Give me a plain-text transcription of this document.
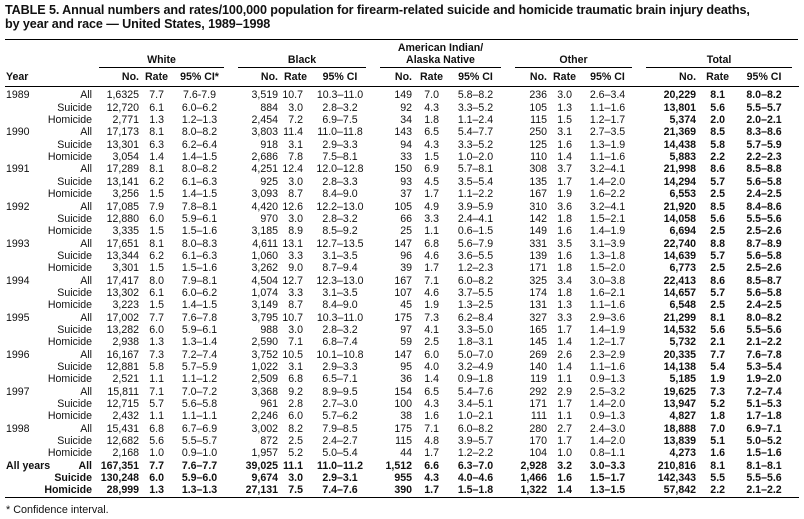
TABLE 5. Annual numbers and rates/100,000 population for firearm-related suicide and homicide traumatic brain injury deaths,
by year and race — United States, 1989–1998

		White			Black			American Indian/
Alaska Native			Other			Total		

Year		No.	Rate	95% CI*	No.	Rate	95% CI	No.	Rate	95% CI	No.	Rate	95% CI	No.	Rate	95% CI
1989	All	1,6325	7.7	7.6-7.9	3,519	10.7	10.3–11.0	149	7.0	5.8–8.2	236	3.0	2.6–3.4	20,229	8.1	8.0–8.2
	Suicide	12,720	6.1	6.0–6.2	884	3.0	2.8–3.2	92	4.3	3.3–5.2	105	1.3	1.1–1.6	13,801	5.6	5.5–5.7
	Homicide	2,771	1.3	1.2–1.3	2,454	7.2	6.9–7.5	34	1.8	1.1–2.4	115	1.5	1.2–1.7	5,374	2.0	2.0–2.1
1990	All	17,173	8.1	8.0–8.2	3,803	11.4	11.0–11.8	143	6.5	5.4–7.7	250	3.1	2.7–3.5	21,369	8.5	8.3–8.6
	Suicide	13,301	6.3	6.2–6.4	918	3.1	2.9–3.3	94	4.3	3.3–5.2	125	1.6	1.3–1.9	14,438	5.8	5.7–5.9
	Homicide	3,054	1.4	1.4–1.5	2,686	7.8	7.5–8.1	33	1.5	1.0–2.0	110	1.4	1.1–1.6	5,883	2.2	2.2–2.3
1991	All	17,289	8.1	8.0–8.2	4,251	12.4	12.0–12.8	150	6.9	5.7–8.1	308	3.7	3.2–4.1	21,998	8.6	8.5–8.8
	Suicide	13,141	6.2	6.1–6.3	925	3.0	2.8–3.3	93	4.5	3.5–5.4	135	1.7	1.4–2.0	14,294	5.7	5.6–5.8
	Homicide	3,256	1.5	1.4–1.5	3,093	8.7	8.4–9.0	37	1.7	1.1–2.2	167	1.9	1.6–2.2	6,553	2.5	2.4–2.5
1992	All	17,085	7.9	7.8–8.1	4,420	12.6	12.2–13.0	105	4.9	3.9–5.9	310	3.6	3.2–4.1	21,920	8.5	8.4–8.6
	Suicide	12,880	6.0	5.9–6.1	970	3.0	2.8–3.2	66	3.3	2.4–4.1	142	1.8	1.5–2.1	14,058	5.6	5.5–5.6
	Homicide	3,335	1.5	1.5–1.6	3,185	8.9	8.5–9.2	25	1.1	0.6–1.5	149	1.6	1.4–1.9	6,694	2.5	2.5–2.6
1993	All	17,651	8.1	8.0–8.3	4,611	13.1	12.7–13.5	147	6.8	5.6–7.9	331	3.5	3.1–3.9	22,740	8.8	8.7–8.9
	Suicide	13,344	6.2	6.1–6.3	1,060	3.3	3.1–3.5	96	4.6	3.6–5.5	139	1.6	1.3–1.8	14,639	5.7	5.6–5.8
	Homicide	3,301	1.5	1.5–1.6	3,262	9.0	8.7–9.4	39	1.7	1.2–2.3	171	1.8	1.5–2.0	6,773	2.5	2.5–2.6
1994	All	17,417	8.0	7.9–8.1	4,504	12.7	12.3–13.0	167	7.1	6.0–8.2	325	3.4	3.0–3.8	22,413	8.6	8.5–8.7
	Suicide	13,302	6.1	6.0–6.2	1,074	3.3	3.1–3.5	107	4.6	3.7–5.5	174	1.8	1.6–2.1	14,657	5.7	5.6–5.8
	Homicide	3,223	1.5	1.4–1.5	3,149	8.7	8.4–9.0	45	1.9	1.3–2.5	131	1.3	1.1–1.6	6,548	2.5	2.4–2.5
1995	All	17,002	7.7	7.6–7.8	3,795	10.7	10.3–11.0	175	7.3	6.2–8.4	327	3.3	2.9–3.6	21,299	8.1	8.0–8.2
	Suicide	13,282	6.0	5.9–6.1	988	3.0	2.8–3.2	97	4.1	3.3–5.0	165	1.7	1.4–1.9	14,532	5.6	5.5–5.6
	Homicide	2,938	1.3	1.3–1.4	2,590	7.1	6.8–7.4	59	2.5	1.8–3.1	145	1.4	1.2–1.7	5,732	2.1	2.1–2.2
1996	All	16,167	7.3	7.2–7.4	3,752	10.5	10.1–10.8	147	6.0	5.0–7.0	269	2.6	2.3–2.9	20,335	7.7	7.6–7.8
	Suicide	12,881	5.8	5.7–5.9	1,022	3.1	2.9–3.3	95	4.0	3.2–4.9	140	1.4	1.1–1.6	14,138	5.4	5.3–5.4
	Homicide	2,521	1.1	1.1–1.2	2,509	6.8	6.5–7.1	36	1.4	0.9–1.8	119	1.1	0.9–1.3	5,185	1.9	1.9–2.0
1997	All	15,811	7.1	7.0–7.2	3,368	9.2	8.9–9.5	154	6.5	5.4–7.6	292	2.9	2.5–3.2	19,625	7.3	7.2–7.4
	Suicide	12,715	5.7	5.6–5.8	961	2.8	2.7–3.0	100	4.3	3.4–5.1	171	1.7	1.4–2.0	13,947	5.2	5.1–5.3
	Homicide	2,432	1.1	1.1–1.1	2,246	6.0	5.7–6.2	38	1.6	1.0–2.1	111	1.1	0.9–1.3	4,827	1.8	1.7–1.8
1998	All	15,431	6.8	6.7–6.9	3,002	8.2	7.9–8.5	175	7.1	6.0–8.2	280	2.7	2.4–3.0	18,888	7.0	6.9–7.1
	Suicide	12,682	5.6	5.5–5.7	872	2.5	2.4–2.7	115	4.8	3.9–5.7	170	1.7	1.4–2.0	13,839	5.1	5.0–5.2
	Homicide	2,168	1.0	0.9–1.0	1,957	5.2	5.0–5.4	44	1.7	1.2–2.2	104	1.0	0.8–1.1	4,273	1.6	1.5–1.6
All years	All	167,351	7.7	7.6–7.7	39,025	11.1	11.0–11.2	1,512	6.6	6.3–7.0	2,928	3.2	3.0–3.3	210,816	8.1	8.1–8.1
	Suicide	130,248	6.0	5.9–6.0	9,674	3.0	2.9–3.1	955	4.3	4.0–4.6	1,466	1.6	1.5–1.7	142,343	5.5	5.5–5.6
	Homicide	28,999	1.3	1.3–1.3	27,131	7.5	7.4–7.6	390	1.7	1.5–1.8	1,322	1.4	1.3–1.5	57,842	2.2	2.1–2.2
* Confidence interval.
